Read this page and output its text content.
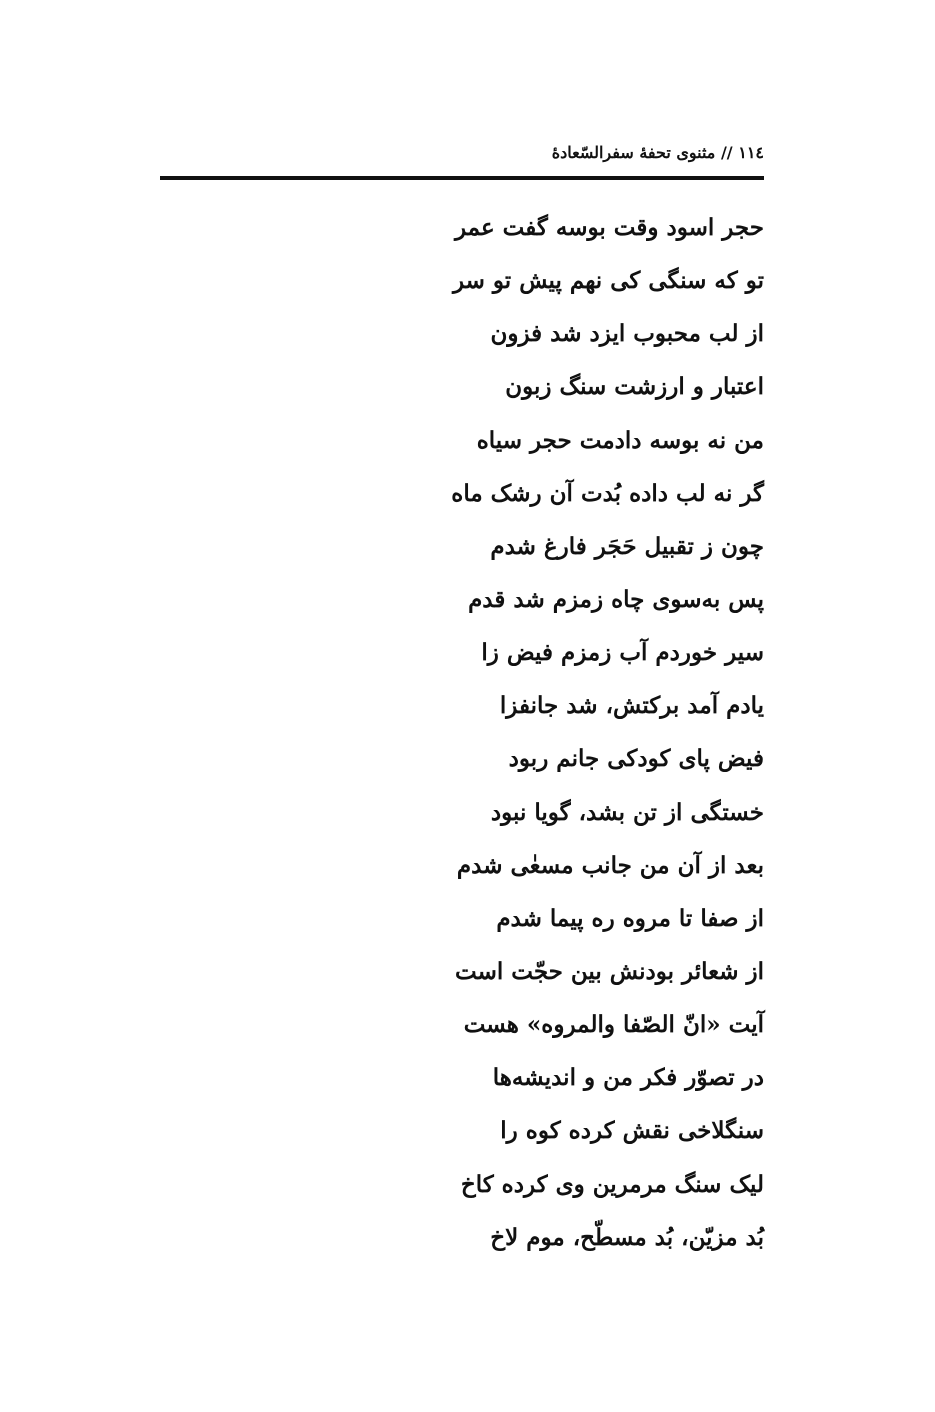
١١٤ // مثنوی تحفهٔ سفرالسّعادهٔ
حجر اسود وقت بوسه گفت عمر
تو که سنگی کی نهم پیش تو سر
از لب محبوب ایزد شد فزون
اعتبار و ارزشت سنگ زبون
من نه بوسه دادمت حجر سیاه
گر نه لب داده بُدت آن رشک ماه
چون ز تقبیل حَجَر فارغ شدم
پس به‌سوی چاه زمزم شد قدم
سیر خوردم آب زمزم فیض زا
یادم آمد برکتش، شد جانفزا
فیض پای کودکی جانم ربود
خستگی از تن بشد، گویا نبود
بعد از آن من جانب مسعٰی شدم
از صفا تا مروه ره پیما شدم
از شعائر بودنش بین حجّت است
آیت «انّ الصّفا والمروه» هست
در تصوّر فکر من و اندیشه‌ها
سنگلاخی نقش کرده کوه را
لیک سنگ مرمرین وی کرده کاخ
بُد مزیّن، بُد مسطّح، موم لاخ
